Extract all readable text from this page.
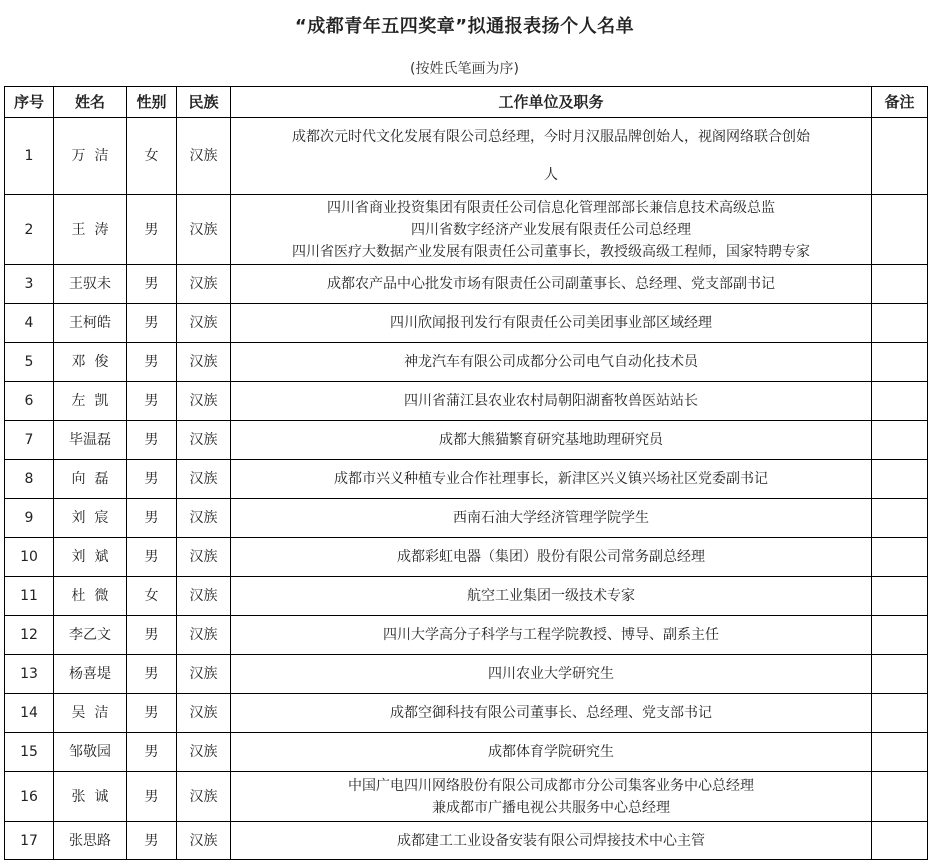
“成都青年五四奖章”拟通报表扬个人名单
(按姓氏笔画为序)
序号	姓名	性别	民族	工作单位及职务	备注
1	万  洁	女	汉族	成都次元时代文化发展有限公司总经理，今时月汉服品牌创始人，视阁网络联合创始
人	

2	王  涛	男	汉族	四川省商业投资集团有限责任公司信息化管理部部长兼信息技术高级总监
四川省数字经济产业发展有限责任公司总经理
四川省医疗大数据产业发展有限责任公司董事长，教授级高级工程师，国家特聘专家	

3	王驭未	男	汉族	成都农产品中心批发市场有限责任公司副董事长、总经理、党支部副书记	

4	王柯皓	男	汉族	四川欣闻报刊发行有限责任公司美团事业部区域经理	

5	邓  俊	男	汉族	神龙汽车有限公司成都分公司电气自动化技术员	

6	左  凯	男	汉族	四川省蒲江县农业农村局朝阳湖畜牧兽医站站长	

7	毕温磊	男	汉族	成都大熊猫繁育研究基地助理研究员	

8	向  磊	男	汉族	成都市兴义种植专业合作社理事长，新津区兴义镇兴场社区党委副书记	

9	刘  宸	男	汉族	西南石油大学经济管理学院学生	

10	刘  斌	男	汉族	成都彩虹电器（集团）股份有限公司常务副总经理	

11	杜  微	女	汉族	航空工业集团一级技术专家	

12	李乙文	男	汉族	四川大学高分子科学与工程学院教授、博导、副系主任	

13	杨喜堤	男	汉族	四川农业大学研究生	

14	吴  洁	男	汉族	成都空御科技有限公司董事长、总经理、党支部书记	

15	邹敬园	男	汉族	成都体育学院研究生	

16	张  诚	男	汉族	中国广电四川网络股份有限公司成都市分公司集客业务中心总经理
兼成都市广播电视公共服务中心总经理	

17	张思路	男	汉族	成都建工工业设备安装有限公司焊接技术中心主管	
